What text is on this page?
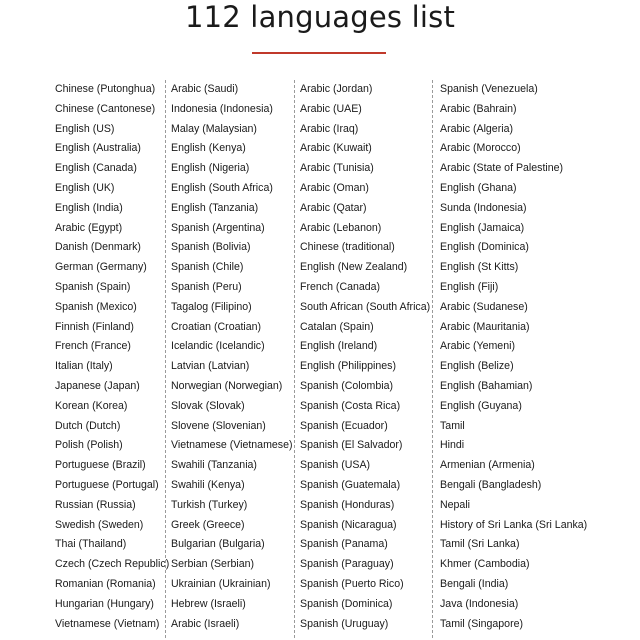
112 languages list
Chinese (Putonghua)
Chinese (Cantonese)
English (US)
English (Australia)
English (Canada)
English (UK)
English (India)
Arabic (Egypt)
Danish (Denmark)
German (Germany)
Spanish (Spain)
Spanish (Mexico)
Finnish (Finland)
French (France)
Italian (Italy)
Japanese (Japan)
Korean (Korea)
Dutch (Dutch)
Polish (Polish)
Portuguese (Brazil)
Portuguese (Portugal)
Russian (Russia)
Swedish (Sweden)
Thai (Thailand)
Czech (Czech Republic)
Romanian (Romania)
Hungarian (Hungary)
Vietnamese (Vietnam)
Arabic (Saudi)
Indonesia (Indonesia)
Malay (Malaysian)
English (Kenya)
English (Nigeria)
English (South Africa)
English (Tanzania)
Spanish (Argentina)
Spanish (Bolivia)
Spanish (Chile)
Spanish (Peru)
Tagalog (Filipino)
Croatian (Croatian)
Icelandic (Icelandic)
Latvian (Latvian)
Norwegian (Norwegian)
Slovak (Slovak)
Slovene (Slovenian)
Vietnamese (Vietnamese)
Swahili (Tanzania)
Swahili (Kenya)
Turkish (Turkey)
Greek (Greece)
Bulgarian (Bulgaria)
Serbian (Serbian)
Ukrainian (Ukrainian)
Hebrew (Israeli)
Arabic (Israeli)
Arabic (Jordan)
Arabic (UAE)
Arabic (Iraq)
Arabic (Kuwait)
Arabic (Tunisia)
Arabic (Oman)
Arabic (Qatar)
Arabic (Lebanon)
Chinese (traditional)
English (New Zealand)
French (Canada)
South African (South Africa)
Catalan (Spain)
English (Ireland)
English (Philippines)
Spanish (Colombia)
Spanish (Costa Rica)
Spanish (Ecuador)
Spanish (El Salvador)
Spanish (USA)
Spanish (Guatemala)
Spanish (Honduras)
Spanish (Nicaragua)
Spanish (Panama)
Spanish (Paraguay)
Spanish (Puerto Rico)
Spanish (Dominica)
Spanish (Uruguay)
Spanish (Venezuela)
Arabic (Bahrain)
Arabic (Algeria)
Arabic (Morocco)
Arabic (State of Palestine)
English (Ghana)
Sunda (Indonesia)
English (Jamaica)
English (Dominica)
English (St Kitts)
English (Fiji)
Arabic (Sudanese)
Arabic (Mauritania)
Arabic (Yemeni)
English (Belize)
English (Bahamian)
English (Guyana)
Tamil
Hindi
Armenian (Armenia)
Bengali (Bangladesh)
Nepali
History of Sri Lanka (Sri Lanka)
Tamil (Sri Lanka)
Khmer (Cambodia)
Bengali (India)
Java (Indonesia)
Tamil (Singapore)
